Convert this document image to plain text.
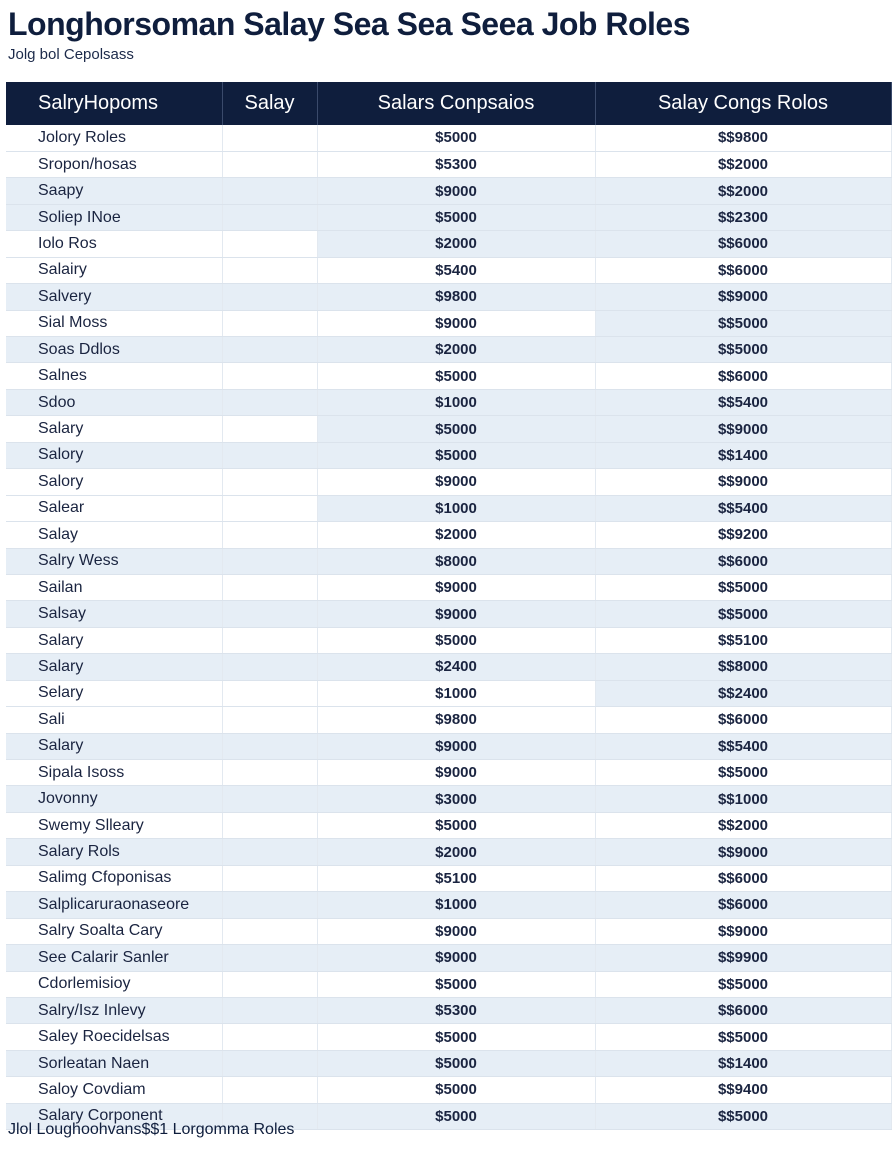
Longhorsoman Salay Sea Sea Seea Job Roles
Jolg bol Cepolsass
SalryHopoms	Salay	Salars Conpsaios	Salay Congs Rolos
Jolory Roles		$5000	$$9800
Sropon/hosas		$5300	$$2000
Saapy		$9000	$$2000
Soliep INoe		$5000	$$2300
Iolo Ros		$2000	$$6000
Salairy		$5400	$$6000
Salvery		$9800	$$9000
Sial Moss		$9000	$$5000
Soas Ddlos		$2000	$$5000
Salnes		$5000	$$6000
Sdoo		$1000	$$5400
Salary		$5000	$$9000
Salory		$5000	$$1400
Salory		$9000	$$9000
Salear		$1000	$$5400
Salay		$2000	$$9200
Salry Wess		$8000	$$6000
Sailan		$9000	$$5000
Salsay		$9000	$$5000
Salary		$5000	$$5100
Salary		$2400	$$8000
Selary		$1000	$$2400
Sali		$9800	$$6000
Salary		$9000	$$5400
Sipala Isoss		$9000	$$5000
Jovonny		$3000	$$1000
Swemy Slleary		$5000	$$2000
Salary Rols		$2000	$$9000
Salimg Cfoponisas		$5100	$$6000
Salplicaruraonaseore		$1000	$$6000
Salry Soalta Cary		$9000	$$9000
See Calarir Sanler		$9000	$$9900
Cdorlemisioy		$5000	$$5000
Salry/Isz Inlevy		$5300	$$6000
Saley Roecidelsas		$5000	$$5000
Sorleatan Naen		$5000	$$1400
Saloy Covdiam		$5000	$$9400
Salary Corponent		$5000	$$5000
Jlol Loughoohvans$$1 Lorgomma Roles
